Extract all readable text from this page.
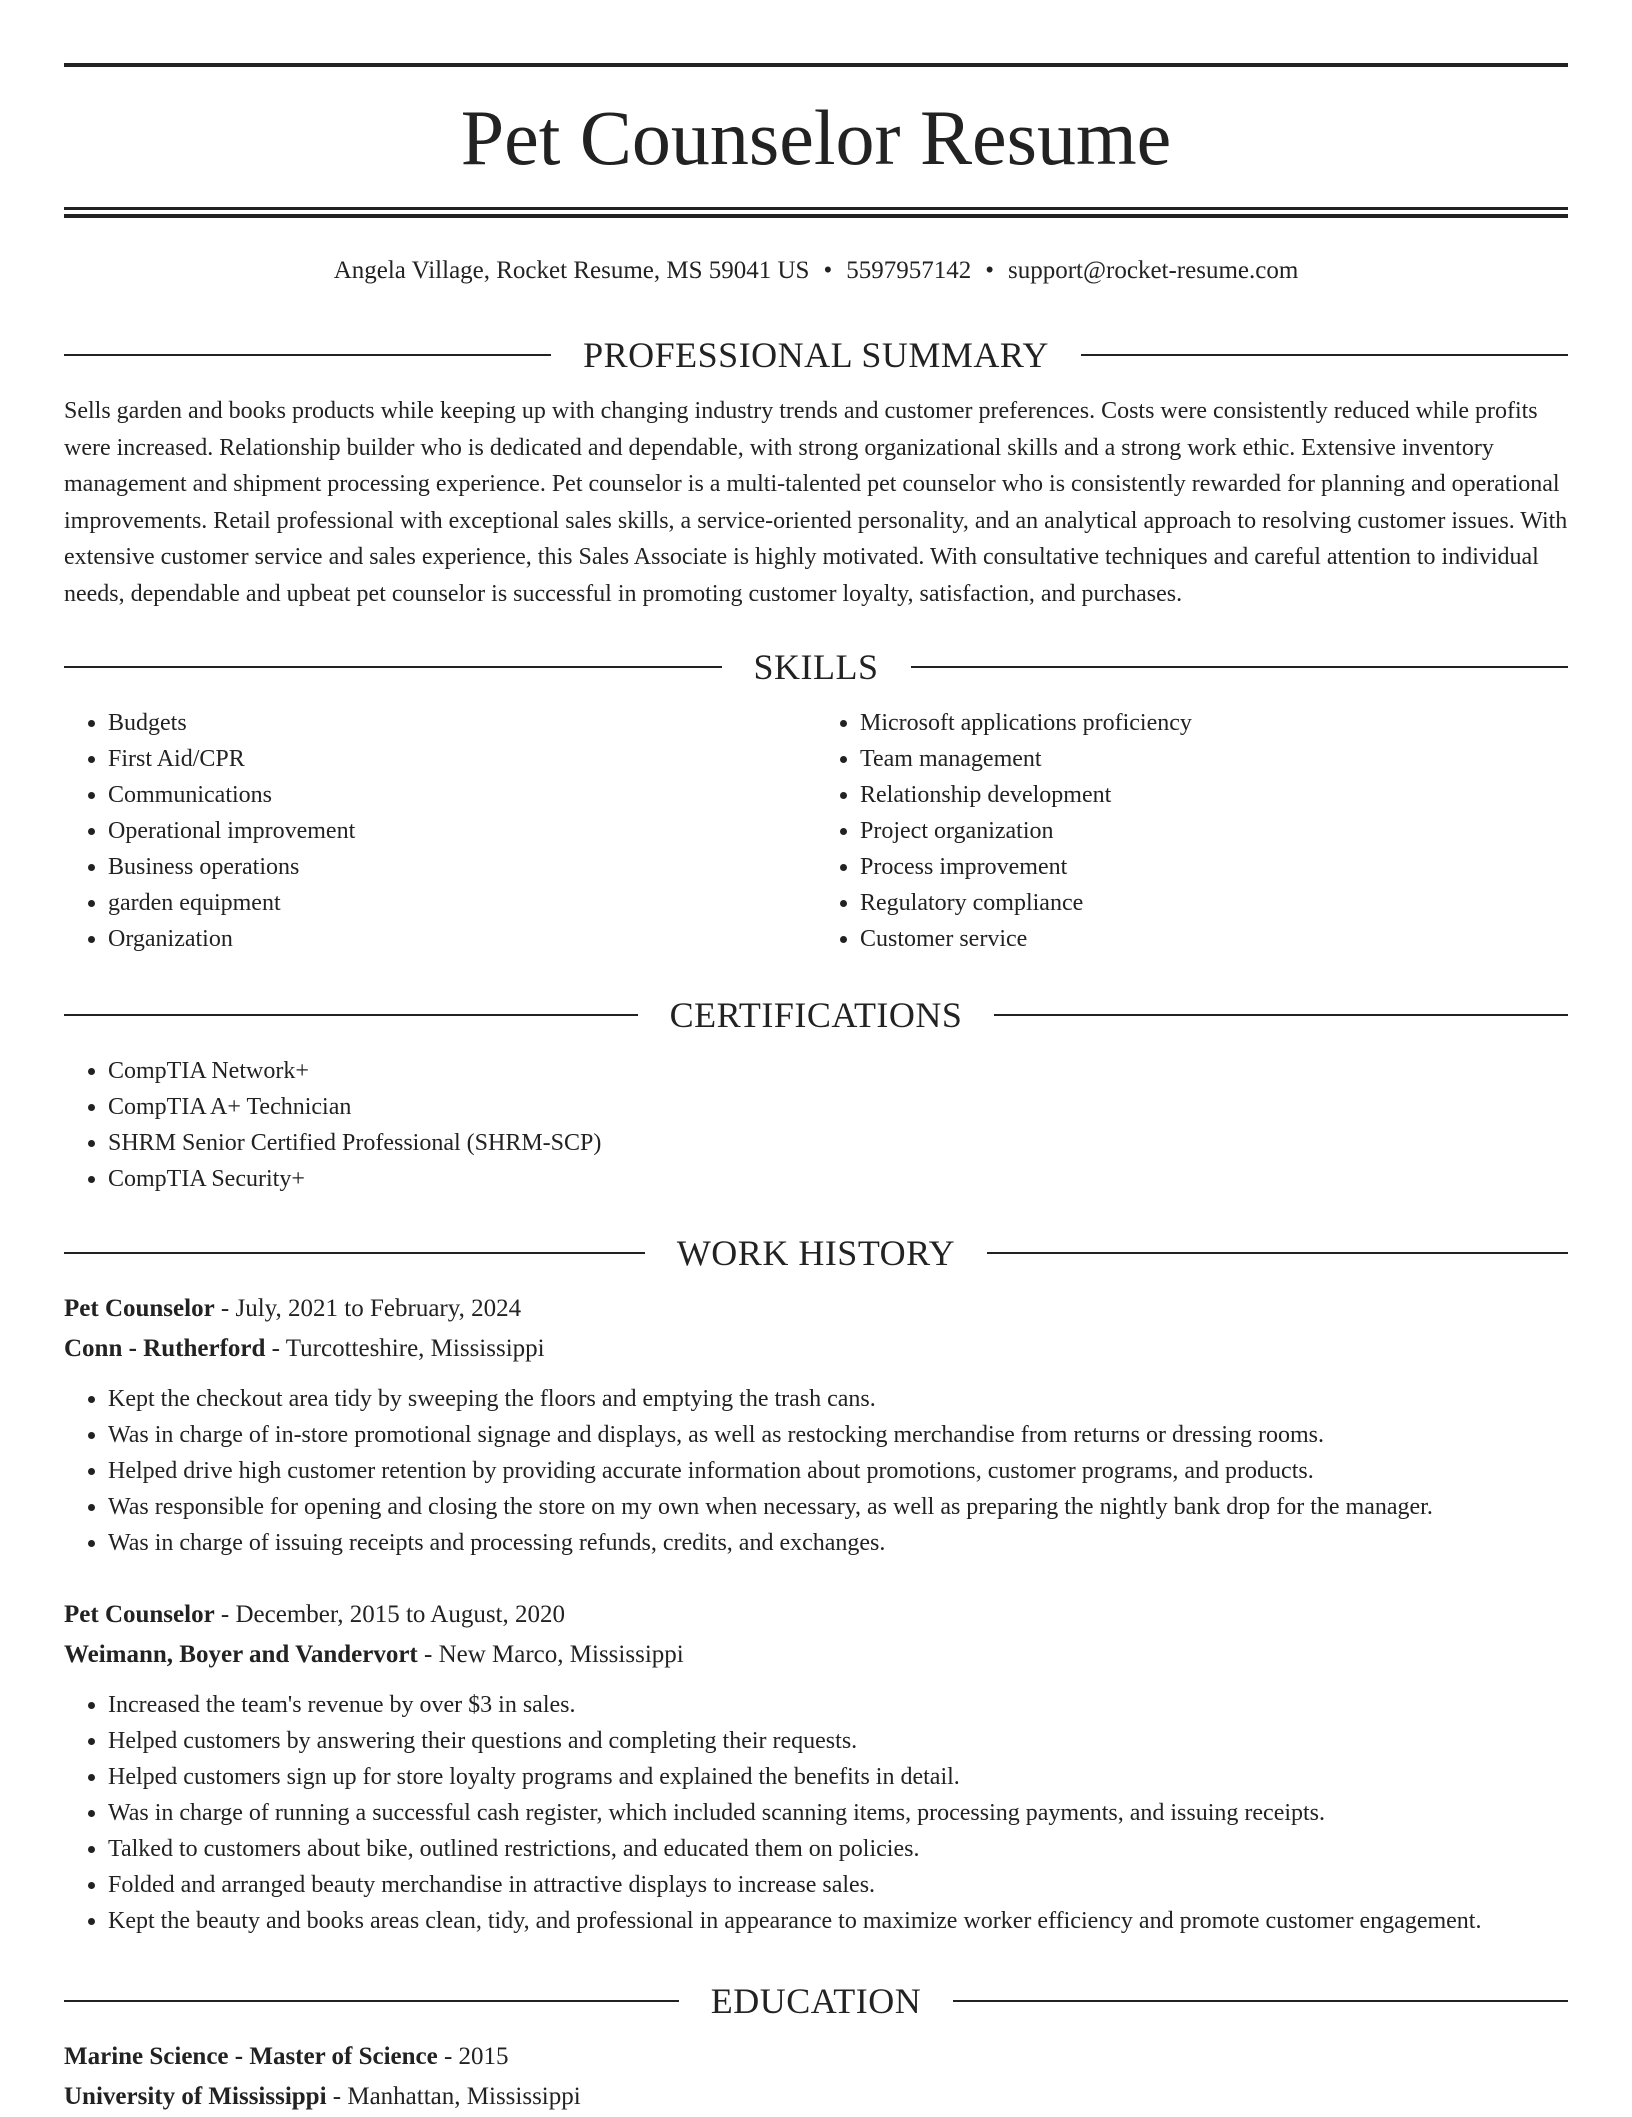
Pet Counselor Resume
Angela Village, Rocket Resume, MS 59041 US • 5597957142 • support@rocket-resume.com
PROFESSIONAL SUMMARY

Sells garden and books products while keeping up with changing industry trends and customer preferences. Costs were consistently reduced while profits were increased. Relationship builder who is dedicated and dependable, with strong organizational skills and a strong work ethic. Extensive inventory management and shipment processing experience. Pet counselor is a multi-talented pet counselor who is consistently rewarded for planning and operational improvements. Retail professional with exceptional sales skills, a service-oriented personality, and an analytical approach to resolving customer issues. With extensive customer service and sales experience, this Sales Associate is highly motivated. With consultative techniques and careful attention to individual needs, dependable and upbeat pet counselor is successful in promoting customer loyalty, satisfaction, and purchases.

SKILLS
• Budgets
• First Aid/CPR
• Communications
• Operational improvement
• Business operations
• garden equipment
• Organization
• Microsoft applications proficiency
• Team management
• Relationship development
• Project organization
• Process improvement
• Regulatory compliance
• Customer service
CERTIFICATIONS
• CompTIA Network+
• CompTIA A+ Technician
• SHRM Senior Certified Professional (SHRM-SCP)
• CompTIA Security+
WORK HISTORY
Pet Counselor - July, 2021 to February, 2024
Conn - Rutherford - Turcotteshire, Mississippi
• Kept the checkout area tidy by sweeping the floors and emptying the trash cans.
• Was in charge of in-store promotional signage and displays, as well as restocking merchandise from returns or dressing rooms.
• Helped drive high customer retention by providing accurate information about promotions, customer programs, and products.
• Was responsible for opening and closing the store on my own when necessary, as well as preparing the nightly bank drop for the manager.
• Was in charge of issuing receipts and processing refunds, credits, and exchanges.
Pet Counselor - December, 2015 to August, 2020
Weimann, Boyer and Vandervort - New Marco, Mississippi
• Increased the team's revenue by over $3 in sales.
• Helped customers by answering their questions and completing their requests.
• Helped customers sign up for store loyalty programs and explained the benefits in detail.
• Was in charge of running a successful cash register, which included scanning items, processing payments, and issuing receipts.
• Talked to customers about bike, outlined restrictions, and educated them on policies.
• Folded and arranged beauty merchandise in attractive displays to increase sales.
• Kept the beauty and books areas clean, tidy, and professional in appearance to maximize worker efficiency and promote customer engagement.
EDUCATION
Marine Science - Master of Science - 2015
University of Mississippi - Manhattan, Mississippi
